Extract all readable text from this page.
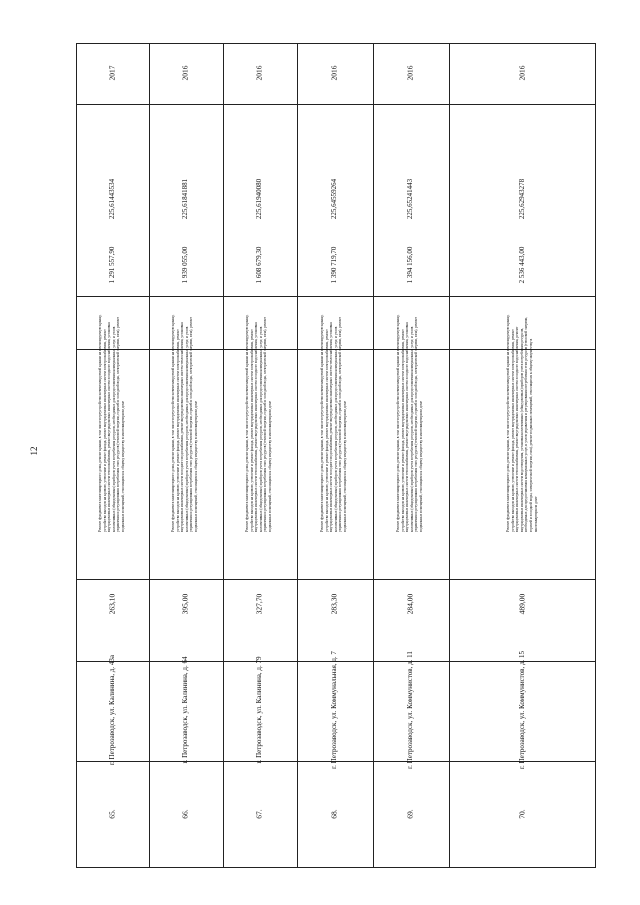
12
65.
г. Петрозаводск, ул. Калинина, д. 43а
263,10
Ремонт фундамента многоквартирного дома, ремонт крыши, в том числе переустройство невентилируемой крыши на вентилируемую крышу, устройство выходов на кровлю, утепление и ремонт фасада, ремонт внутридомовых инженерных систем электроснабжения, ремонт внутридомовых инженерных систем теплоснабжения, ремонт внутридомовых инженерных систем холодного водоснабжения, установка коллективных (общедомовых) приборов учета потребления ресурсов, необходимых для предоставления коммунальных услуг, и узлов управления и регулирования потребления этих ресурсов (тепловой энергии, горячей и холодной воды, электрической энергии, газа), ремонт подвальных помещений, относящихся к общему имуществу в многоквартирном доме
1 291 557,90
225,61443534
2017
66.
г. Петрозаводск, ул. Калинина, д. 64
395,00
1 939 055,00
2016
Ремонт фундамента многоквартирного дома, ремонт крыши, в том числе переустройство невентилируемой крыши на вентилируемую крышу, устройство выходов на кровлю, утепление и ремонт фасада, ремонт внутридомовых инженерных систем электроснабжения, ремонт внутридомовых инженерных систем холодного водоснабжения, ремонт внутридомовых инженерных систем теплоснабжения, установка коллективных (общедомовых) приборов учета потребления ресурсов, необходимых для предоставления коммунальных услуг, и узлов управления и регулирования потребления этих ресурсов (тепловой энергии, горячей и холодной воды, электрической энергии, газа), ремонт подвальных помещений, относящихся к общему имуществу в многоквартирном доме
225,61841881
67.
г. Петрозаводск, ул. Калинина, д. 79
327,70
1 608 679,30
2016
Ремонт фундамента многоквартирного дома, ремонт крыши, в том числе переустройство невентилируемой крыши на вентилируемую крышу, устройство выходов на кровлю, утепление и ремонт фасада, ремонт внутридомовых инженерных систем электроснабжения, ремонт внутридомовых инженерных систем теплоснабжения, ремонт внутридомовых инженерных систем холодного водоснабжения, установка коллективных (общедомовых) приборов учета потребления ресурсов, необходимых для предоставления коммунальных услуг, и узлов управления и регулирования потребления этих ресурсов (тепловой энергии, горячей и холодной воды, электрической энергии, газа), ремонт подвальных помещений, относящихся к общему имуществу в многоквартирном доме
225,61940080
68.
г. Петрозаводск, ул. Коммунальная, д. 7
283,30
1 390 719,70
2016
Ремонт фундамента многоквартирного дома, ремонт крыши, в том числе переустройство невентилируемой крыши на вентилируемую крышу, устройство выходов на кровлю, утепление и ремонт фасада, ремонт внутридомовых инженерных систем электроснабжения, ремонт внутридомовых инженерных систем холодного водоснабжения, ремонт внутридомовых инженерных систем теплоснабжения, установка коллективных (общедомовых) приборов учета потребления ресурсов, необходимых для предоставления коммунальных услуг, и узлов управления и регулирования потребления этих ресурсов (тепловой энергии, горячей и холодной воды, электрической энергии, газа), ремонт подвальных помещений, относящихся к общему имуществу в многоквартирном доме
225,64559264
69.
г. Петрозаводск, ул. Коммунистов, д. 11
284,00
1 394 156,00
2016
Ремонт фундамента многоквартирного дома, ремонт крыши, в том числе переустройство невентилируемой крыши на вентилируемую крышу, устройство выходов на кровлю, утепление и ремонт фасада, ремонт внутридомовых инженерных систем электроснабжения, ремонт внутридомовых инженерных систем теплоснабжения, ремонт внутридомовых инженерных систем холодного водоснабжения, установка коллективных (общедомовых) приборов учета потребления ресурсов, необходимых для предоставления коммунальных услуг, и узлов управления и регулирования потребления этих ресурсов (тепловой энергии, горячей и холодной воды, электрической энергии, газа), ремонт подвальных помещений, относящихся к общему имуществу в многоквартирном доме
225,65241443
70.
г. Петрозаводск, ул. Коммунистов, д. 15
489,00
2 536 443,00
2016
Ремонт фундамента многоквартирного дома, ремонт крыши, в том числе переустройство невентилируемой крыши на вентилируемую крышу, устройство выходов на кровлю, утепление и ремонт фасада, ремонт внутридомовых инженерных систем электроснабжения, ремонт внутридомовых инженерных систем теплоснабжения, ремонт внутридомовых инженерных систем холодного водоснабжения, ремонт внутридомовых инженерных систем водоотведения, установка коллективных (общедомовых) приборов учета потребления ресурсов, необходимых для предоставления коммунальных услуг, и узлов управления и регулирования потребления этих ресурсов (тепловой энергии, горячей и холодной воды, электрической энергии, газа), ремонт подвальных помещений, относящихся к общему имуществу в многоквартирном доме
225,62943278
